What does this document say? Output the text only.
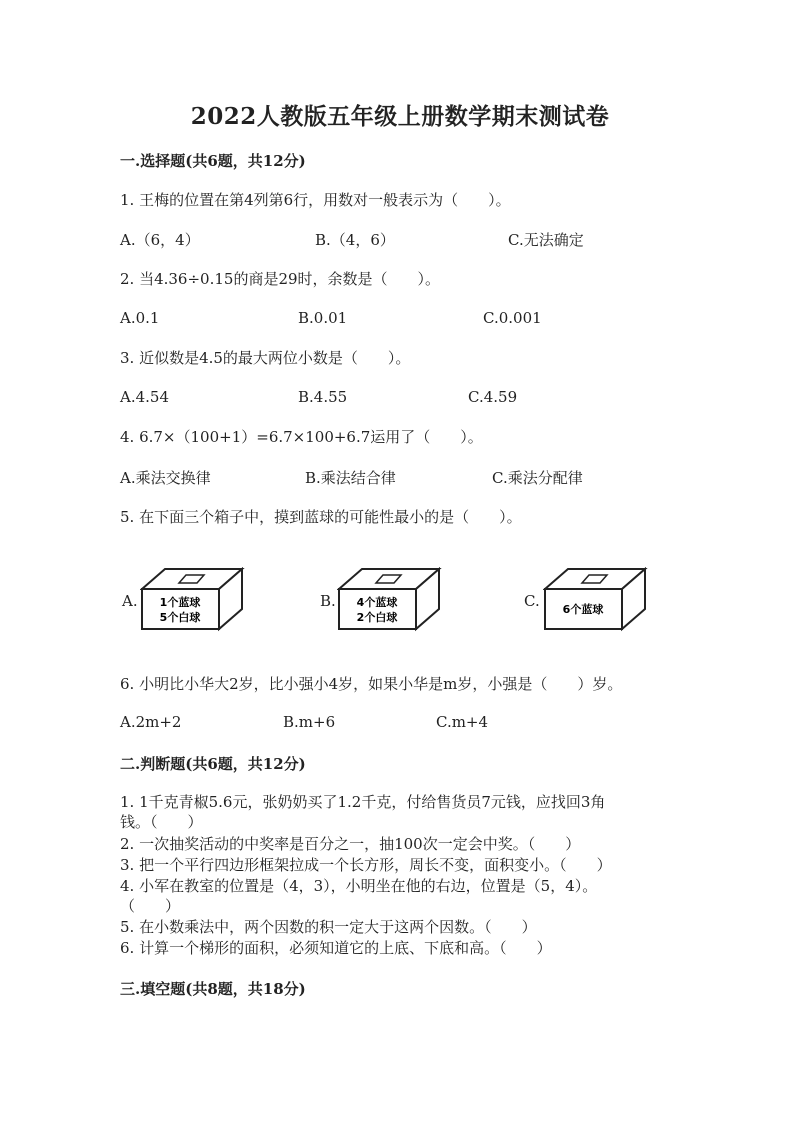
2022人教版五年级上册数学期末测试卷
一.选择题(共6题，共12分)
1. 王梅的位置在第4列第6行，用数对一般表示为（　　）。
A.（6，4）	B.（4，6）	C.无法确定
2. 当4.36÷0.15的商是29时，余数是（　　）。
A.0.1	B.0.01	C.0.001
3. 近似数是4.5的最大两位小数是（　　）。
A.4.54	B.4.55	C.4.59
4. 6.7×（100+1）=6.7×100+6.7运用了（　　）。
A.乘法交换律	B.乘法结合律	C.乘法分配律
5. 在下面三个箱子中，摸到蓝球的可能性最小的是（　　）。
A. 1个蓝球
5个白球
B. 4个蓝球
2个白球
C. 6个蓝球
6. 小明比小华大2岁，比小强小4岁，如果小华是m岁，小强是（　　）岁。
A.2m+2	B.m+6	C.m+4
二.判断题(共6题，共12分)
1. 1千克青椒5.6元，张奶奶买了1.2千克，付给售货员7元钱，应找回3角
钱。（　　）
2. 一次抽奖活动的中奖率是百分之一，抽100次一定会中奖。（　　）
3. 把一个平行四边形框架拉成一个长方形，周长不变，面积变小。（　　）
4. 小军在教室的位置是（4，3），小明坐在他的右边，位置是（5，4）。
（　　）
5. 在小数乘法中，两个因数的积一定大于这两个因数。（　　）
6. 计算一个梯形的面积，必须知道它的上底、下底和高。（　　）
三.填空题(共8题，共18分)
